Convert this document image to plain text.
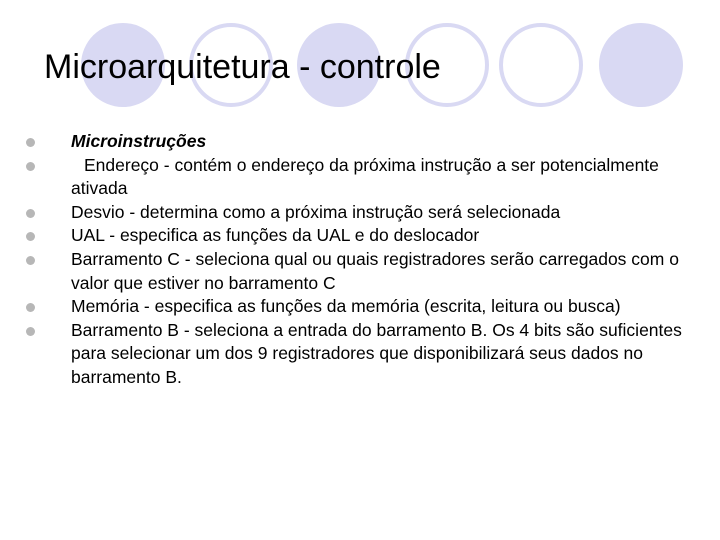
Microarquitetura - controle
Microinstruções
Endereço - contém o endereço da próxima instrução a ser potencialmente ativada
Desvio - determina como a próxima instrução será selecionada
UAL - especifica as funções da UAL e do deslocador
Barramento C - seleciona qual ou quais registradores serão carregados com o valor que estiver no barramento C
Memória - especifica as funções da memória (escrita, leitura ou busca)
Barramento B - seleciona a entrada do barramento B. Os 4 bits são suficientes para selecionar um dos 9 registradores que disponibilizará seus dados no barramento B.
